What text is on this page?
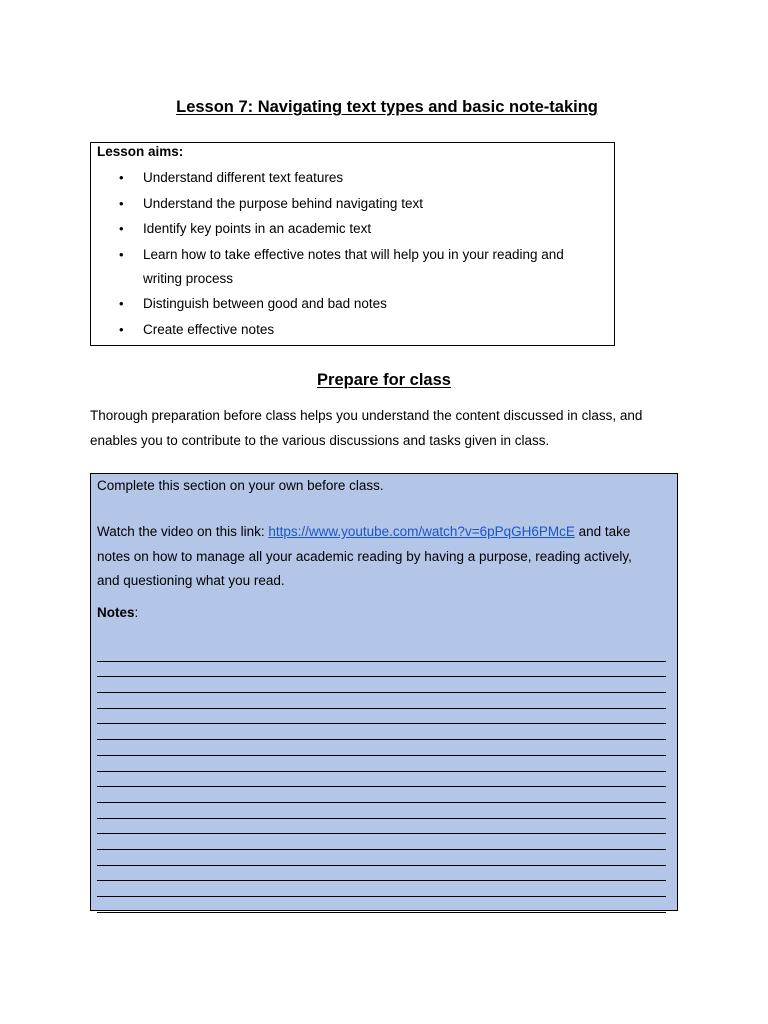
Lesson 7: Navigating text types and basic note-taking
Lesson aims:
• Understand different text features
• Understand the purpose behind navigating text
• Identify key points in an academic text
• Learn how to take effective notes that will help you in your reading and writing process
• Distinguish between good and bad notes
• Create effective notes
Prepare for class

Thorough preparation before class helps you understand the content discussed in class, and enables you to contribute to the various discussions and tasks given in class.

Complete this section on your own before class.

Watch the video on this link: https://www.youtube.com/watch?v=6pPqGH6PMcE and take notes on how to manage all your academic reading by having a purpose, reading actively, and questioning what you read.

Notes:
